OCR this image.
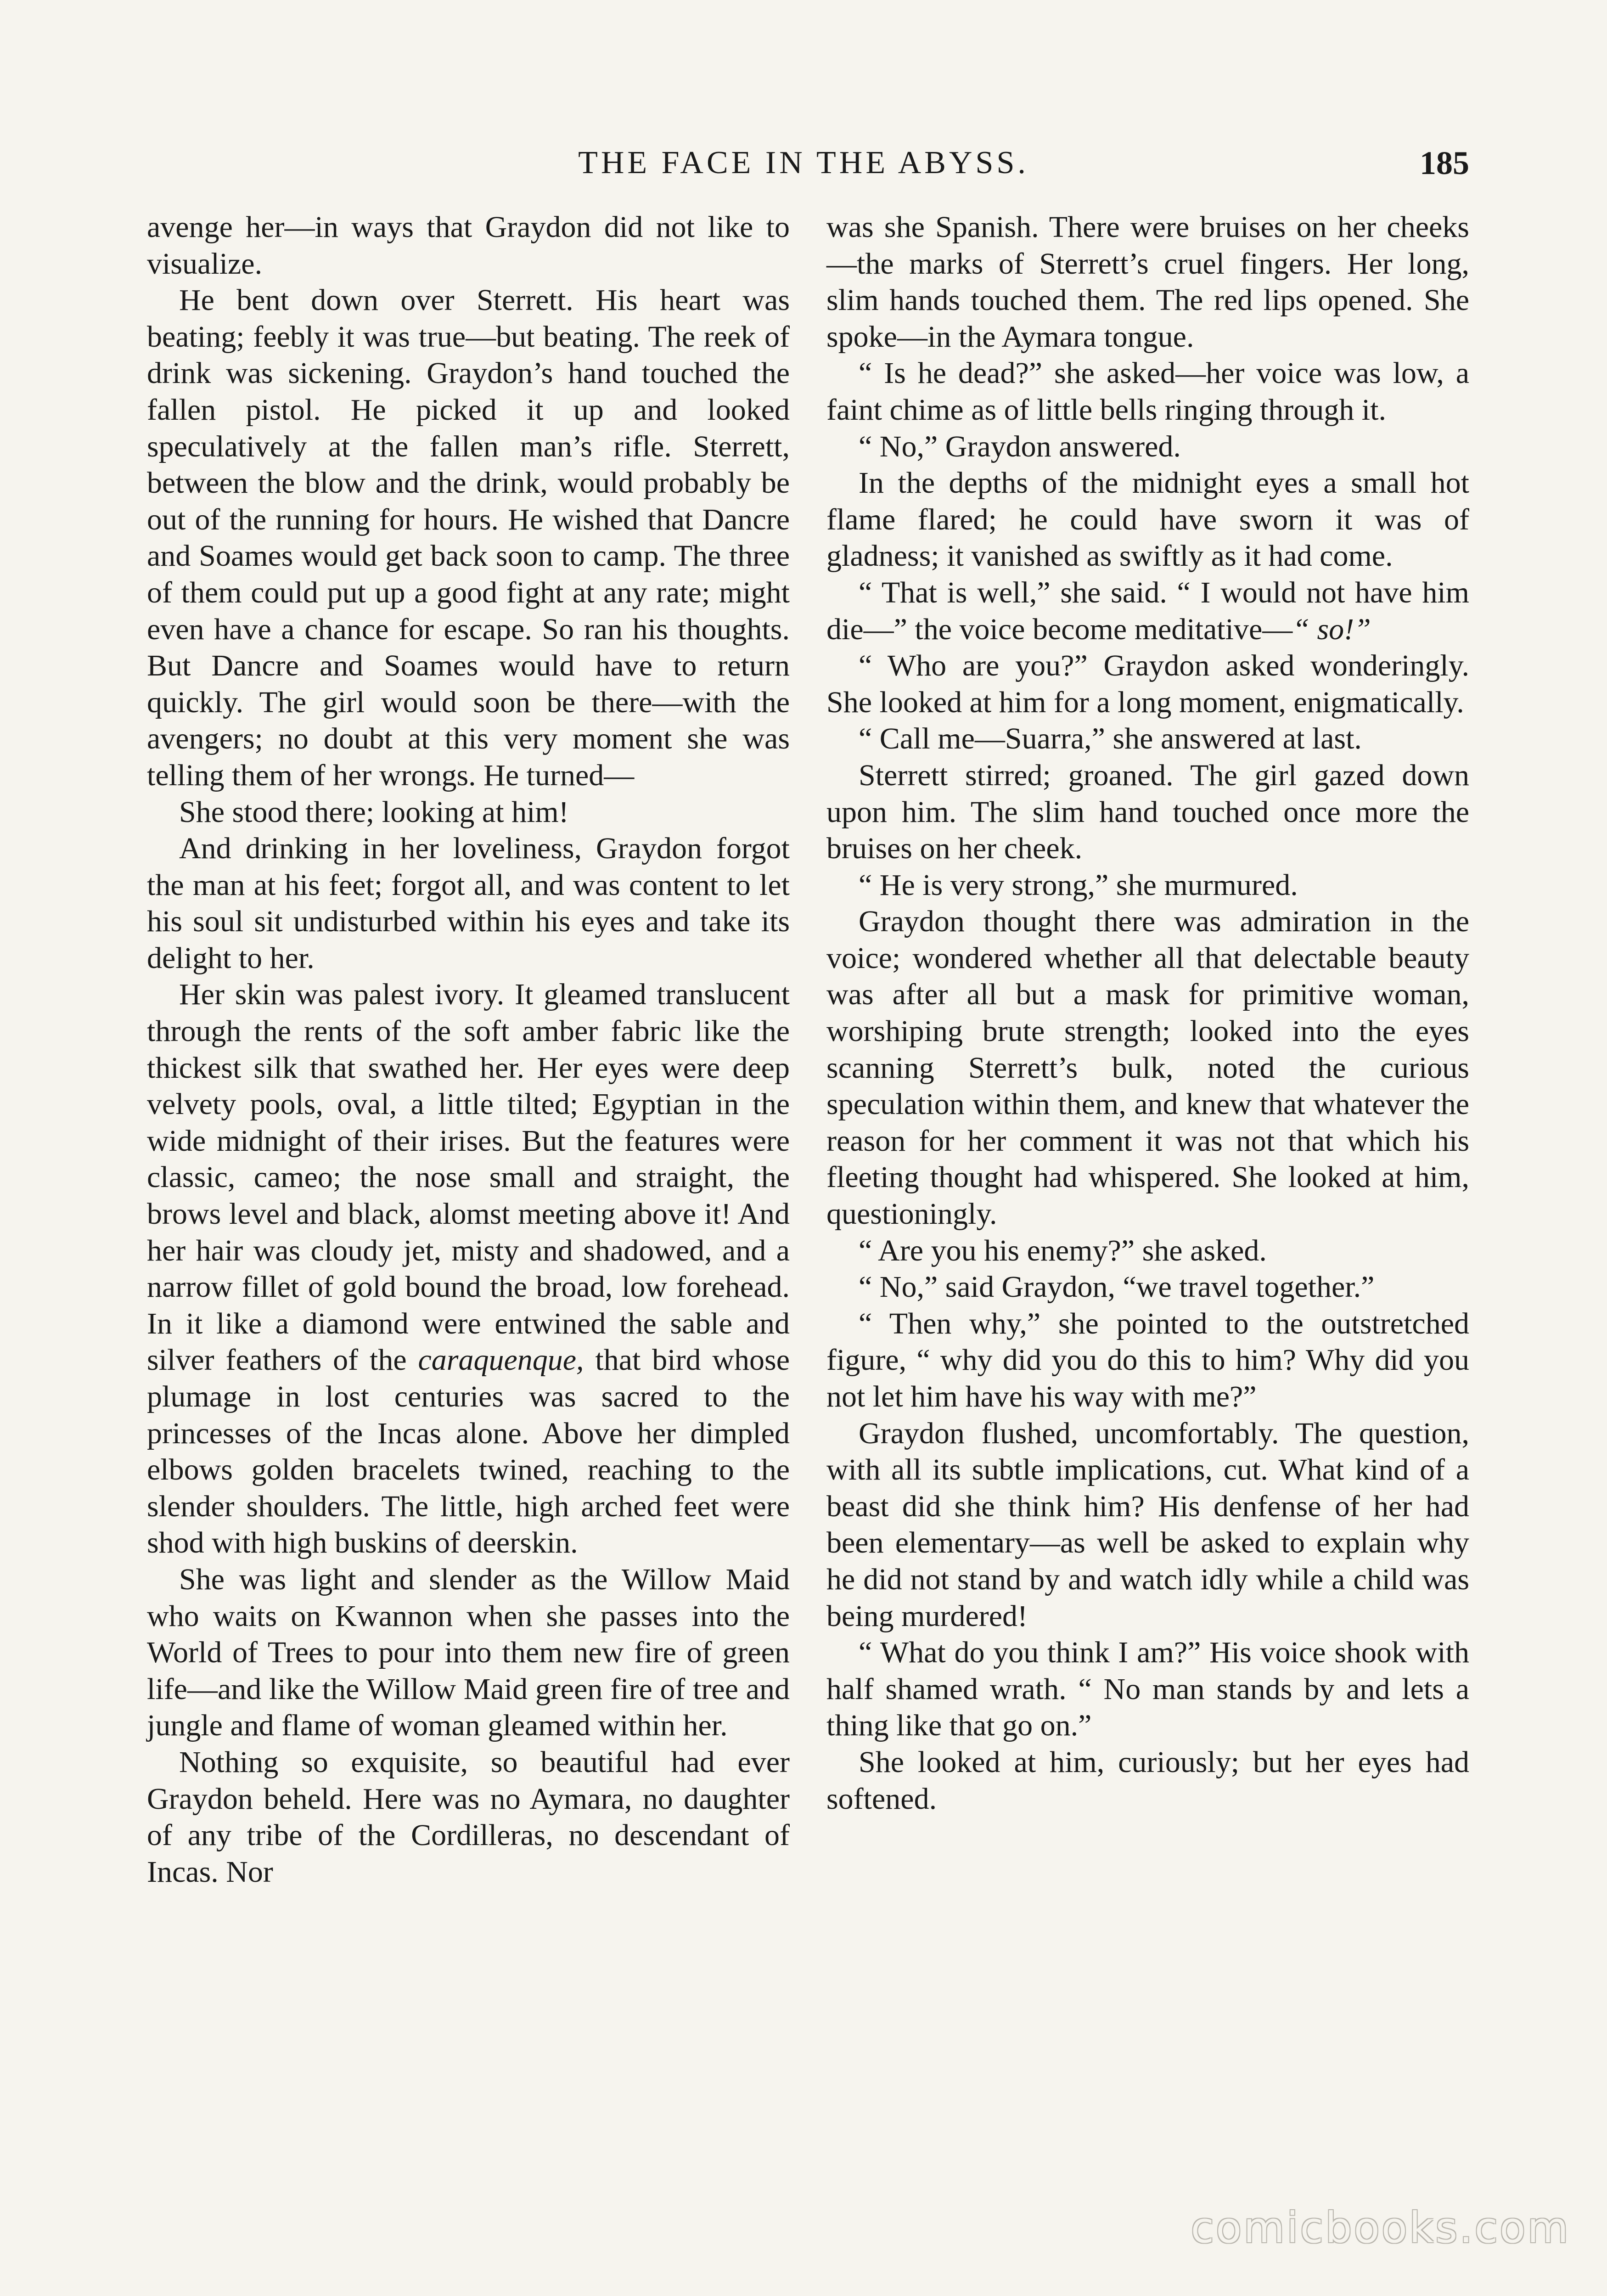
THE FACE IN THE ABYSS.	185

avenge her—in ways that Graydon did not like to visualize.

He bent down over Sterrett. His heart was beating; feebly it was true—but beating. The reek of drink was sickening. Graydon’s hand touched the fallen pistol. He picked it up and looked speculatively at the fallen man’s rifle. Sterrett, between the blow and the drink, would probably be out of the running for hours. He wished that Dancre and Soames would get back soon to camp. The three of them could put up a good fight at any rate; might even have a chance for escape. So ran his thoughts. But Dancre and Soames would have to return quickly. The girl would soon be there—with the avengers; no doubt at this very moment she was telling them of her wrongs. He turned—

She stood there; looking at him!

And drinking in her loveliness, Graydon forgot the man at his feet; forgot all, and was content to let his soul sit undisturbed within his eyes and take its delight to her.

Her skin was palest ivory. It gleamed translucent through the rents of the soft amber fabric like the thickest silk that swathed her. Her eyes were deep velvety pools, oval, a little tilted; Egyptian in the wide midnight of their irises. But the features were classic, cameo; the nose small and straight, the brows level and black, alomst meeting above it! And her hair was cloudy jet, misty and shadowed, and a narrow fillet of gold bound the broad, low forehead. In it like a diamond were entwined the sable and silver feathers of the caraquenque, that bird whose plumage in lost centuries was sacred to the princesses of the Incas alone. Above her dimpled elbows golden bracelets twined, reaching to the slender shoulders. The little, high arched feet were shod with high buskins of deerskin.

She was light and slender as the Willow Maid who waits on Kwannon when she passes into the World of Trees to pour into them new fire of green life—and like the Willow Maid green fire of tree and jungle and flame of woman gleamed within her.

Nothing so exquisite, so beautiful had ever Graydon beheld. Here was no Aymara, no daughter of any tribe of the Cordilleras, no descendant of Incas. Nor

was she Spanish. There were bruises on her cheeks—the marks of Sterrett’s cruel fingers. Her long, slim hands touched them. The red lips opened. She spoke—in the Aymara tongue.

“ Is he dead?” she asked—her voice was low, a faint chime as of little bells ringing through it.

“ No,” Graydon answered.

In the depths of the midnight eyes a small hot flame flared; he could have sworn it was of gladness; it vanished as swiftly as it had come.

“ That is well,” she said. “ I would not have him die—” the voice become meditative—“ so!”

“ Who are you?” Graydon asked wonderingly. She looked at him for a long moment, enigmatically.

“ Call me—Suarra,” she answered at last.

Sterrett stirred; groaned. The girl gazed down upon him. The slim hand touched once more the bruises on her cheek.

“ He is very strong,” she murmured.

Graydon thought there was admiration in the voice; wondered whether all that delectable beauty was after all but a mask for primitive woman, worshiping brute strength; looked into the eyes scanning Sterrett’s bulk, noted the curious speculation within them, and knew that whatever the reason for her comment it was not that which his fleeting thought had whispered. She looked at him, questioningly.

“ Are you his enemy?” she asked.

“ No,” said Graydon, “we travel together.”

“ Then why,” she pointed to the outstretched figure, “ why did you do this to him? Why did you not let him have his way with me?”

Graydon flushed, uncomfortably. The question, with all its subtle implications, cut. What kind of a beast did she think him? His denfense of her had been elementary—as well be asked to explain why he did not stand by and watch idly while a child was being murdered!

“ What do you think I am?” His voice shook with half shamed wrath. “ No man stands by and lets a thing like that go on.”

She looked at him, curiously; but her eyes had softened.

comicbooks.com
